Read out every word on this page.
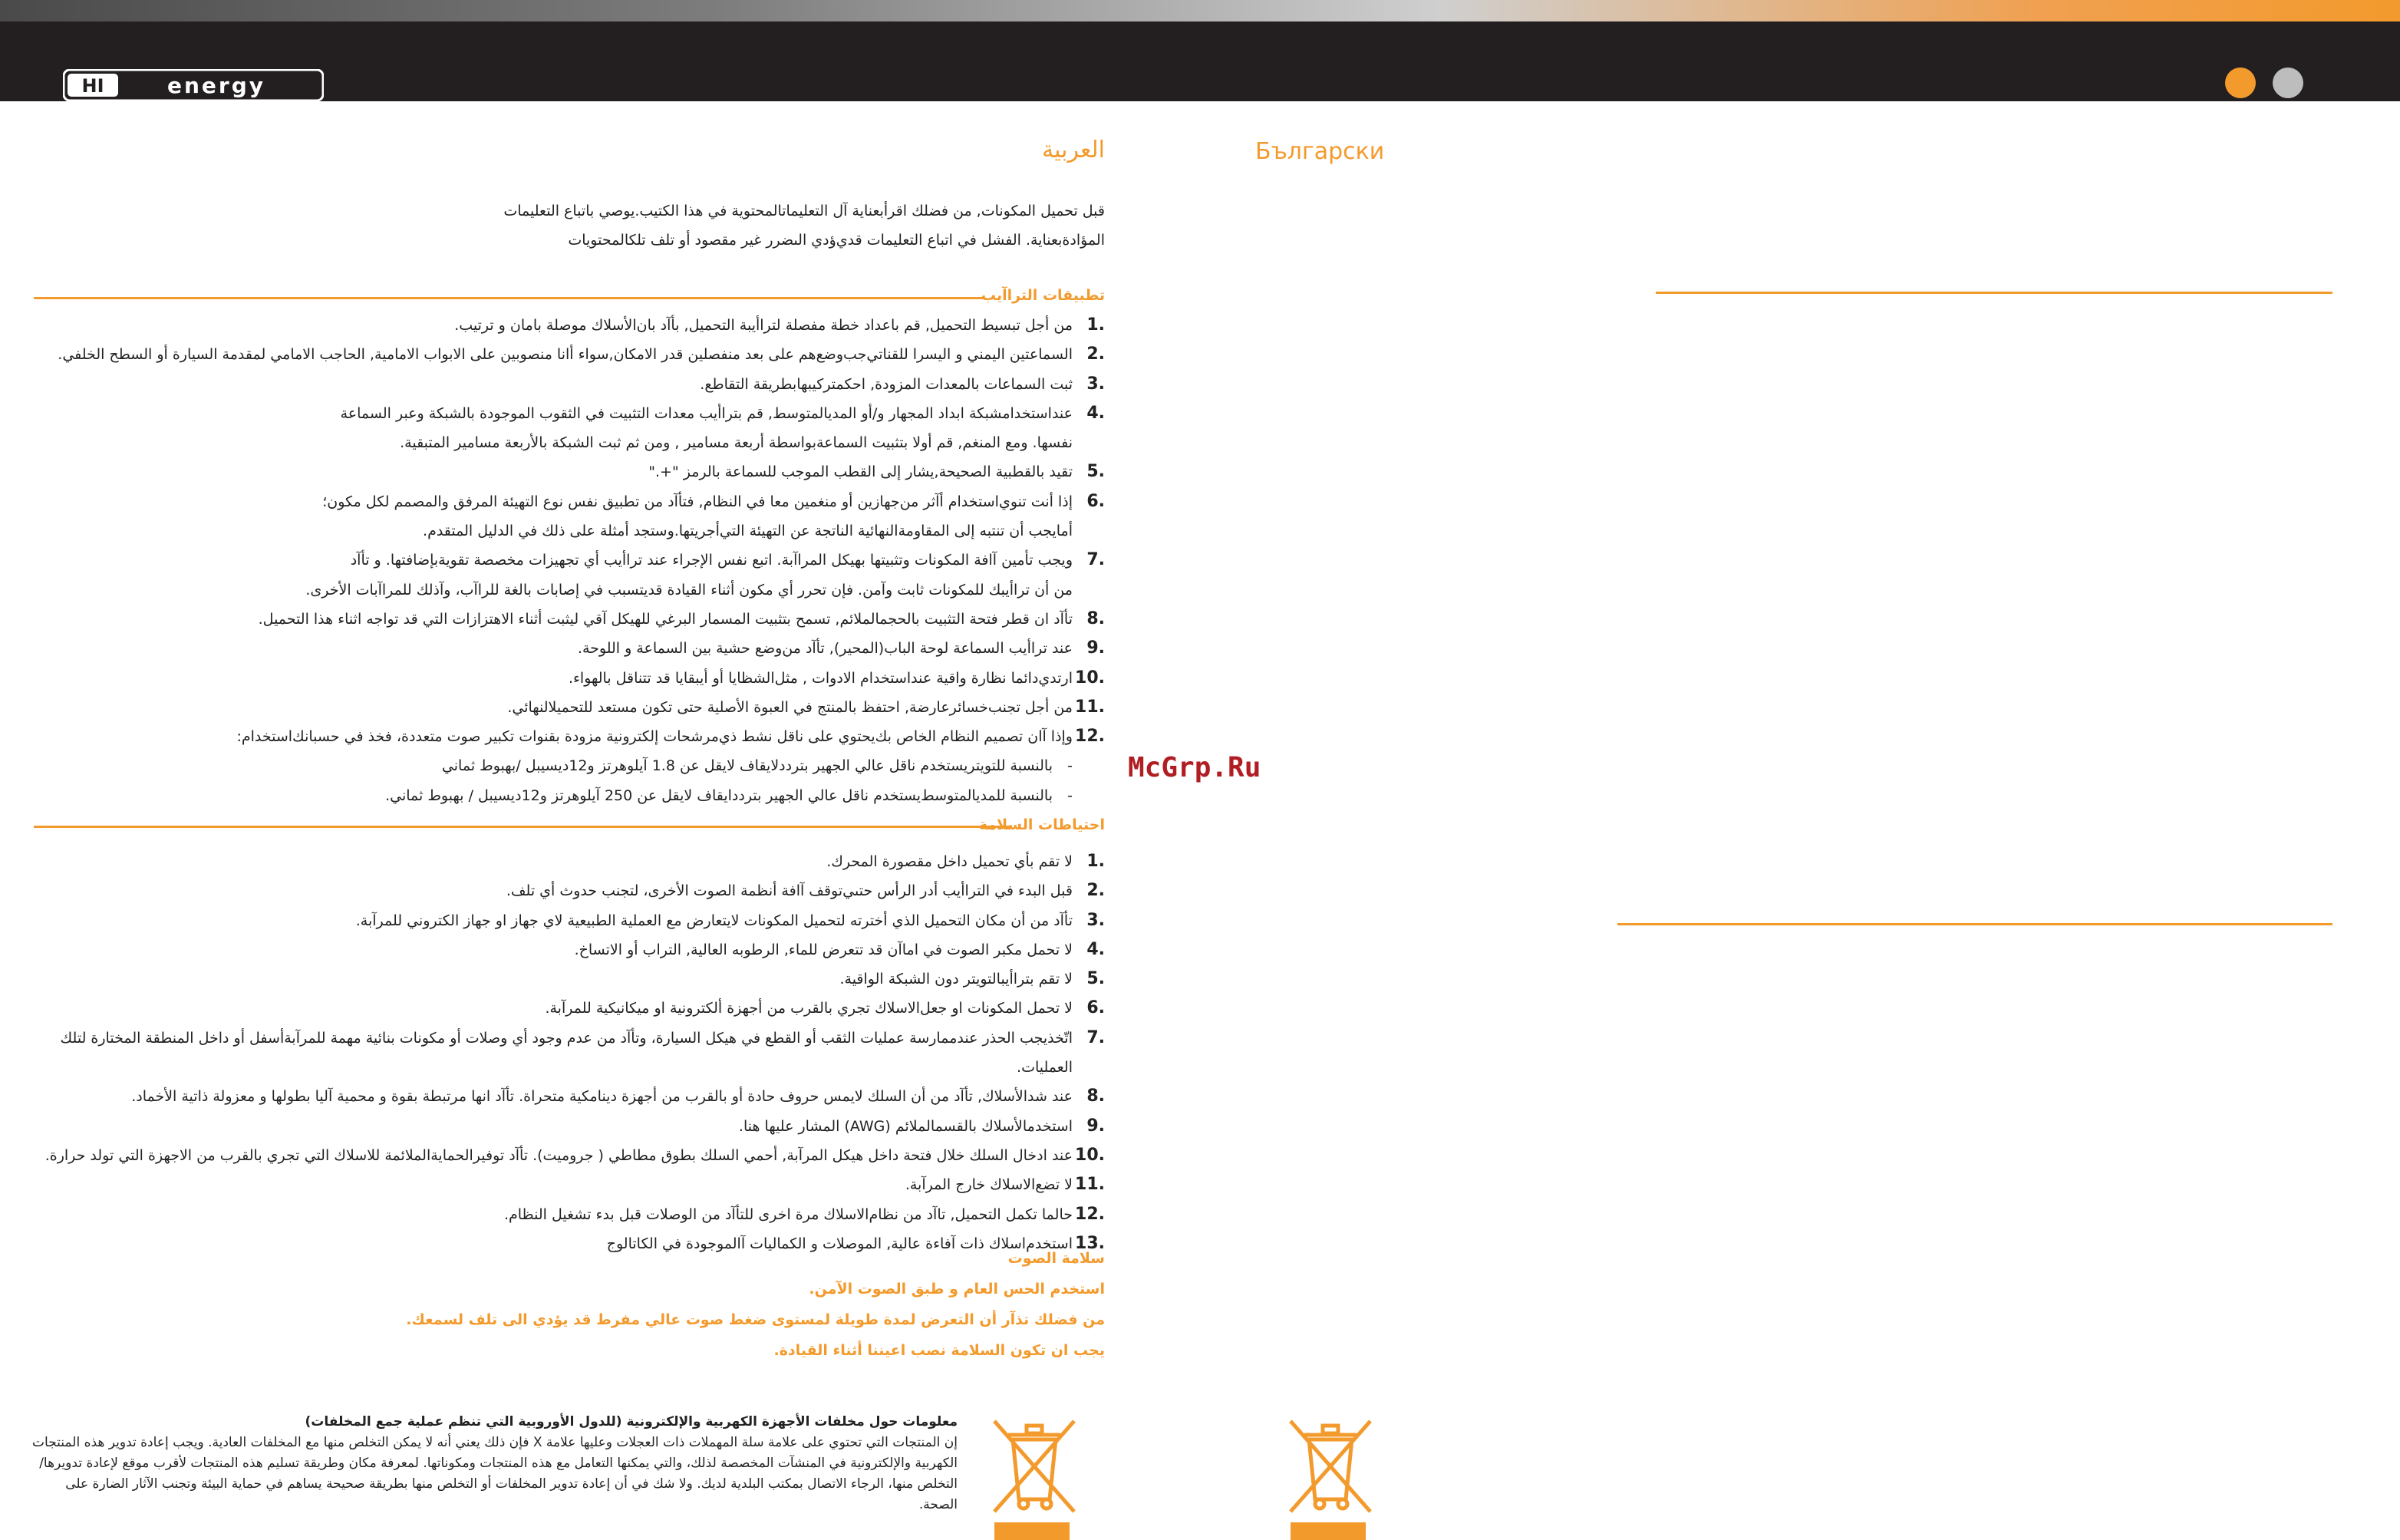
HI	energy
العربية	Български
قبل تحميل المكونات, من فضلك اقرأبعناية آل التعليماتالمحتوية في هذا الكتيب.يوصي باتباع التعليمات
المؤادةبعناية. الفشل في اتباع التعليمات قدي‌ؤدي الىضرر غير مقصود أو تلف تلكالمحتويات
تطبيقات التراآيب
.1
من أجل تبسيط التحميل, قم باعداد خطة مفصلة لتراأيبة التحميل, بأآد بان‌الأسلاك موصلة بامان و ترتيب.
.2
السماعتين اليمني و اليسرا للقناتي‌جب‌وضع‌هم على بعد منفصلين قدر الامكان,سواء أانا منصوبين على الابواب الامامية, الحاجب الامامي لمقدمة السيارة أو السطح الخلفي.
.3
ثبت السماعات بالمعدات المزودة, احكمتركيبهابطريقة التقاطع.
.4
عنداستخدامشبكة ابداد المجهار و/أو المديالمتوسط, قم بتراأيب معدات التثبيت في الثقوب الموجودة بالشبكة وعبر السماعة
نفسها. ومع المنغم, قم أولا بتثبيت السماعةبواسطة أربعة مسامير , ومن ثم ثبت الشبكة بالأربعة مسامير المتبقية.
.5
تقيد بالقطبية الصحيحة,يشار إلى القطب الموجب للسماعة بالرمز "+."
.6
إذا أنت تنوي‌استخدام أآثر من‌جهازين أو منغمين معا في النظام, فتأآد من تطبيق نفس نوع التهيئة المرفق والمصمم لكل مكون؛
أما‌يجب أن تنتبه إلى المقاومةالنهائية الناتجة عن التهيئة التي‌أجريتها.وستجد أمثلة على ذلك في الدليل المتقدم.
.7
ويجب تأمين آافة المكونات وتثبيتها بهيكل المراآبة. اتبع نفس الإجراء عند تراأيب أي تجهيزات مخصصة تقويةبإضافتها. و تأآد
من أن تراأيبك للمكونات ثابت وآمن. فإن تحرر أي مكون أثناء القيادة قديتسبب في إصابات بالغة للراآب، وآذلك للمراآبات الأخرى.
.8
تأآد ان قطر فتحة التثبيت بالحجمالملائم, تسمح بتثبيت المسمار البرغي للهيكل آقي ليثبت أثناء الاهتزازات التي قد تواجه اثناء هذا التحميل.
.9
عند تراأيب السماعة لوحة الباب(المحير), تأآد من‌وضع حشية بين السماعة و اللوحة.
.10
ارتدي‌دائما نظارة واقية عنداستخدام الادوات , مثل‌الشظايا أو أيبقايا قد تتناقل بالهواء.
.11
من أجل تجنب‌خسائر‌عارضة, احتفظ بالمنتج في العبوة الأصلية حتى تكون مستعد للتحميلالنهائي.
.12
وإذا آان تصميم النظام الخاص بك‌يحتوي على ناقل نشط ذي‌مرشحات إلكترونية مزودة بقنوات تكبير صوت متعددة، فخذ في حسبانك‌استخدام:
-بالنسبة للتويتر‌يستخدم ناقل عالي الجهير بترددلايقاف لايقل عن 1.8 آيلوهرتز و12ديسيبل /بهبوط ثماني
-بالنسبة للمديالمتوسط‌يستخدم ناقل عالي الجهير بترددايقاف لايقل عن 250 آيلوهرتز و12ديسيبل / بهبوط ثماني.
احتياطات السلامة
.1
لا تقم بأي تحميل داخل مقصورة المحرك.
.2
قبل البدء في التراأيب أدر الرأس حتىي‌توقف آافة أنظمة الصوت الأخرى، لتجنب حدوث أي تلف.
.3
تأآد من أن مكان التحميل الذي أخترته لتحميل المكونات لايتعارض مع العملية الطبيعية لاي جهاز او جهاز الكتروني للمرآبة.
.4
لا تحمل مكبر الصوت في اماآن قد تتعرض للماء, الرطوبه العالية, التراب أو الاتساخ.
.5
لا تقم بتراأيبالتويتر دون الشبكة الواقية.
.6
لا تحمل المكونات او جعل‌الاسلاك تجري بالقرب من أجهزة ألكترونية او ميكانيكية للمرآبة.
.7
اتّخذ‌يجب الحذر عندممارسة عمليات الثقب أو القطع في هيكل السيارة، وتأآد من عدم وجود أي وصلات أو مكونات بنائية مهمة للمرآبةأسفل أو داخل المنطقة المختارة لتلك العمليات.
.8
عند شدالأسلاك, تأآد من أن السلك لايمس حروف حادة أو بالقرب من أجهزة دينامكية متحراة. تأآد انها مرتبطة بقوة و محمية آليا بطولها و معزولة ذاتية الأخماد.
.9
استخدمالأسلاك بالقسمالملائم (AWG) المشار عليها هنا.
.10
عند ادخال السلك خلال فتحة داخل هيكل المرآبة, أحمي السلك بطوق مطاطي ( جروميت). تأآد توفيرالحمايةالملائمة للاسلاك التي تجري بالقرب من الاجهزة التي تولد حرارة.
.11
لا تضع‌الاسلاك خارج المرآبة.
.12
حالما تكمل التحميل, تاآد من نظام‌الاسلاك مرة اخرى للتأآد من الوصلات قبل بدء تشغيل النظام.
.13
استخدم‌اسلاك ذات آفاءة عالية, الموصلات و الكماليات آالموجودة في الكاتالوج
سلامة الصوت
استخدم الحس العام و طبق الصوت الآمن.
من فضلك تذآر أن التعرض لمدة طويلة لمستوى ضغط صوت عالي مفرط قد يؤدي الى تلف لسمعك.
يجب ان تكون السلامة نصب اعيننا أثناء القيادة.
McGrp.Ru
معلومات حول مخلفات الأجهزة الكهربية والإلكترونية (للدول الأوروبية التي تنظم عملية جمع المخلفات)
إن المنتجات التي تحتوي على علامة سلة المهملات ذات العجلات وعليها علامة X فإن ذلك يعني أنه لا يمكن التخلص منها مع المخلفات العادية. ويجب إعادة تدوير هذه المنتجات
الكهربية والإلكترونية في المنشآت المخصصة لذلك، والتي يمكنها التعامل مع هذه المنتجات ومكوناتها. لمعرفة مكان وطريقة تسليم هذه المنتجات لأقرب موقع لإعادة تدويرها/
التخلص منها، الرجاء الاتصال بمكتب البلدية لديك. ولا شك في أن إعادة تدوير المخلفات أو التخلص منها بطريقة صحيحة يساهم في حماية البيئة وتجنب الآثار الضارة على
الصحة.
